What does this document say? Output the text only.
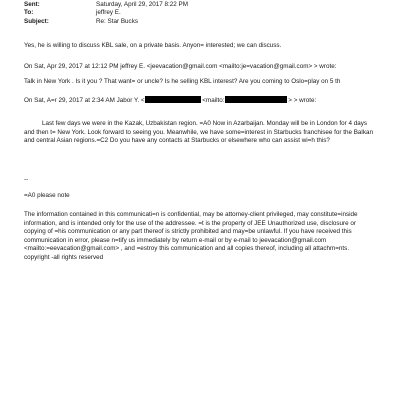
Sent:	Saturday, April 29, 2017 8:22 PM
To:	jeffrey E.
Subject:	Re: Star Bucks
Yes, he is willing to discuss KBL sale, on a private basis. Anyon= interested; we can discuss.
On Sat, Apr 29, 2017 at 12:12 PM jeffrey E. <jeevacation@gmail.com <mailto:je=vacation@gmail.com> > wrote:
Talk in New York . Is it you ? That want= or uncle? Is he selling KBL interest? Are you coming to Oslo=play on 5 th
On Sat, A=r 29, 2017 at 2:34 AM Jabor Y. <	<mailto:	> > wrote:
Last few days we were in the Kazak, Uzbakistan region. =A0 Now in Azarbaijan. Monday will be in London for 4 days and then t= New York. Look forward to seeing you. Meanwhile, we have some=interest in Starbucks franchisee for the Balkan and central Asian regions.=C2 Do you have any contacts at Starbucks or elsewhere who can assist wi=h this?
--
=A0 please note
The information contained in this communicati=n is confidential, may be attorney-client privileged, may constitute=inside information, and is intended only for the use of the addressee. =t is the property of JEE Unauthorized use, disclosure or copying of =his communication or any part thereof is strictly prohibited and may=be unlawful. If you have received this communication in error, please n=tify us immediately by return e-mail or by e-mail to jeevacation@gmail.com <mailto:=eevacation@gmail.com> , and =estroy this communication and all copies thereof, including all attachm=nts. copyright -all rights reserved
